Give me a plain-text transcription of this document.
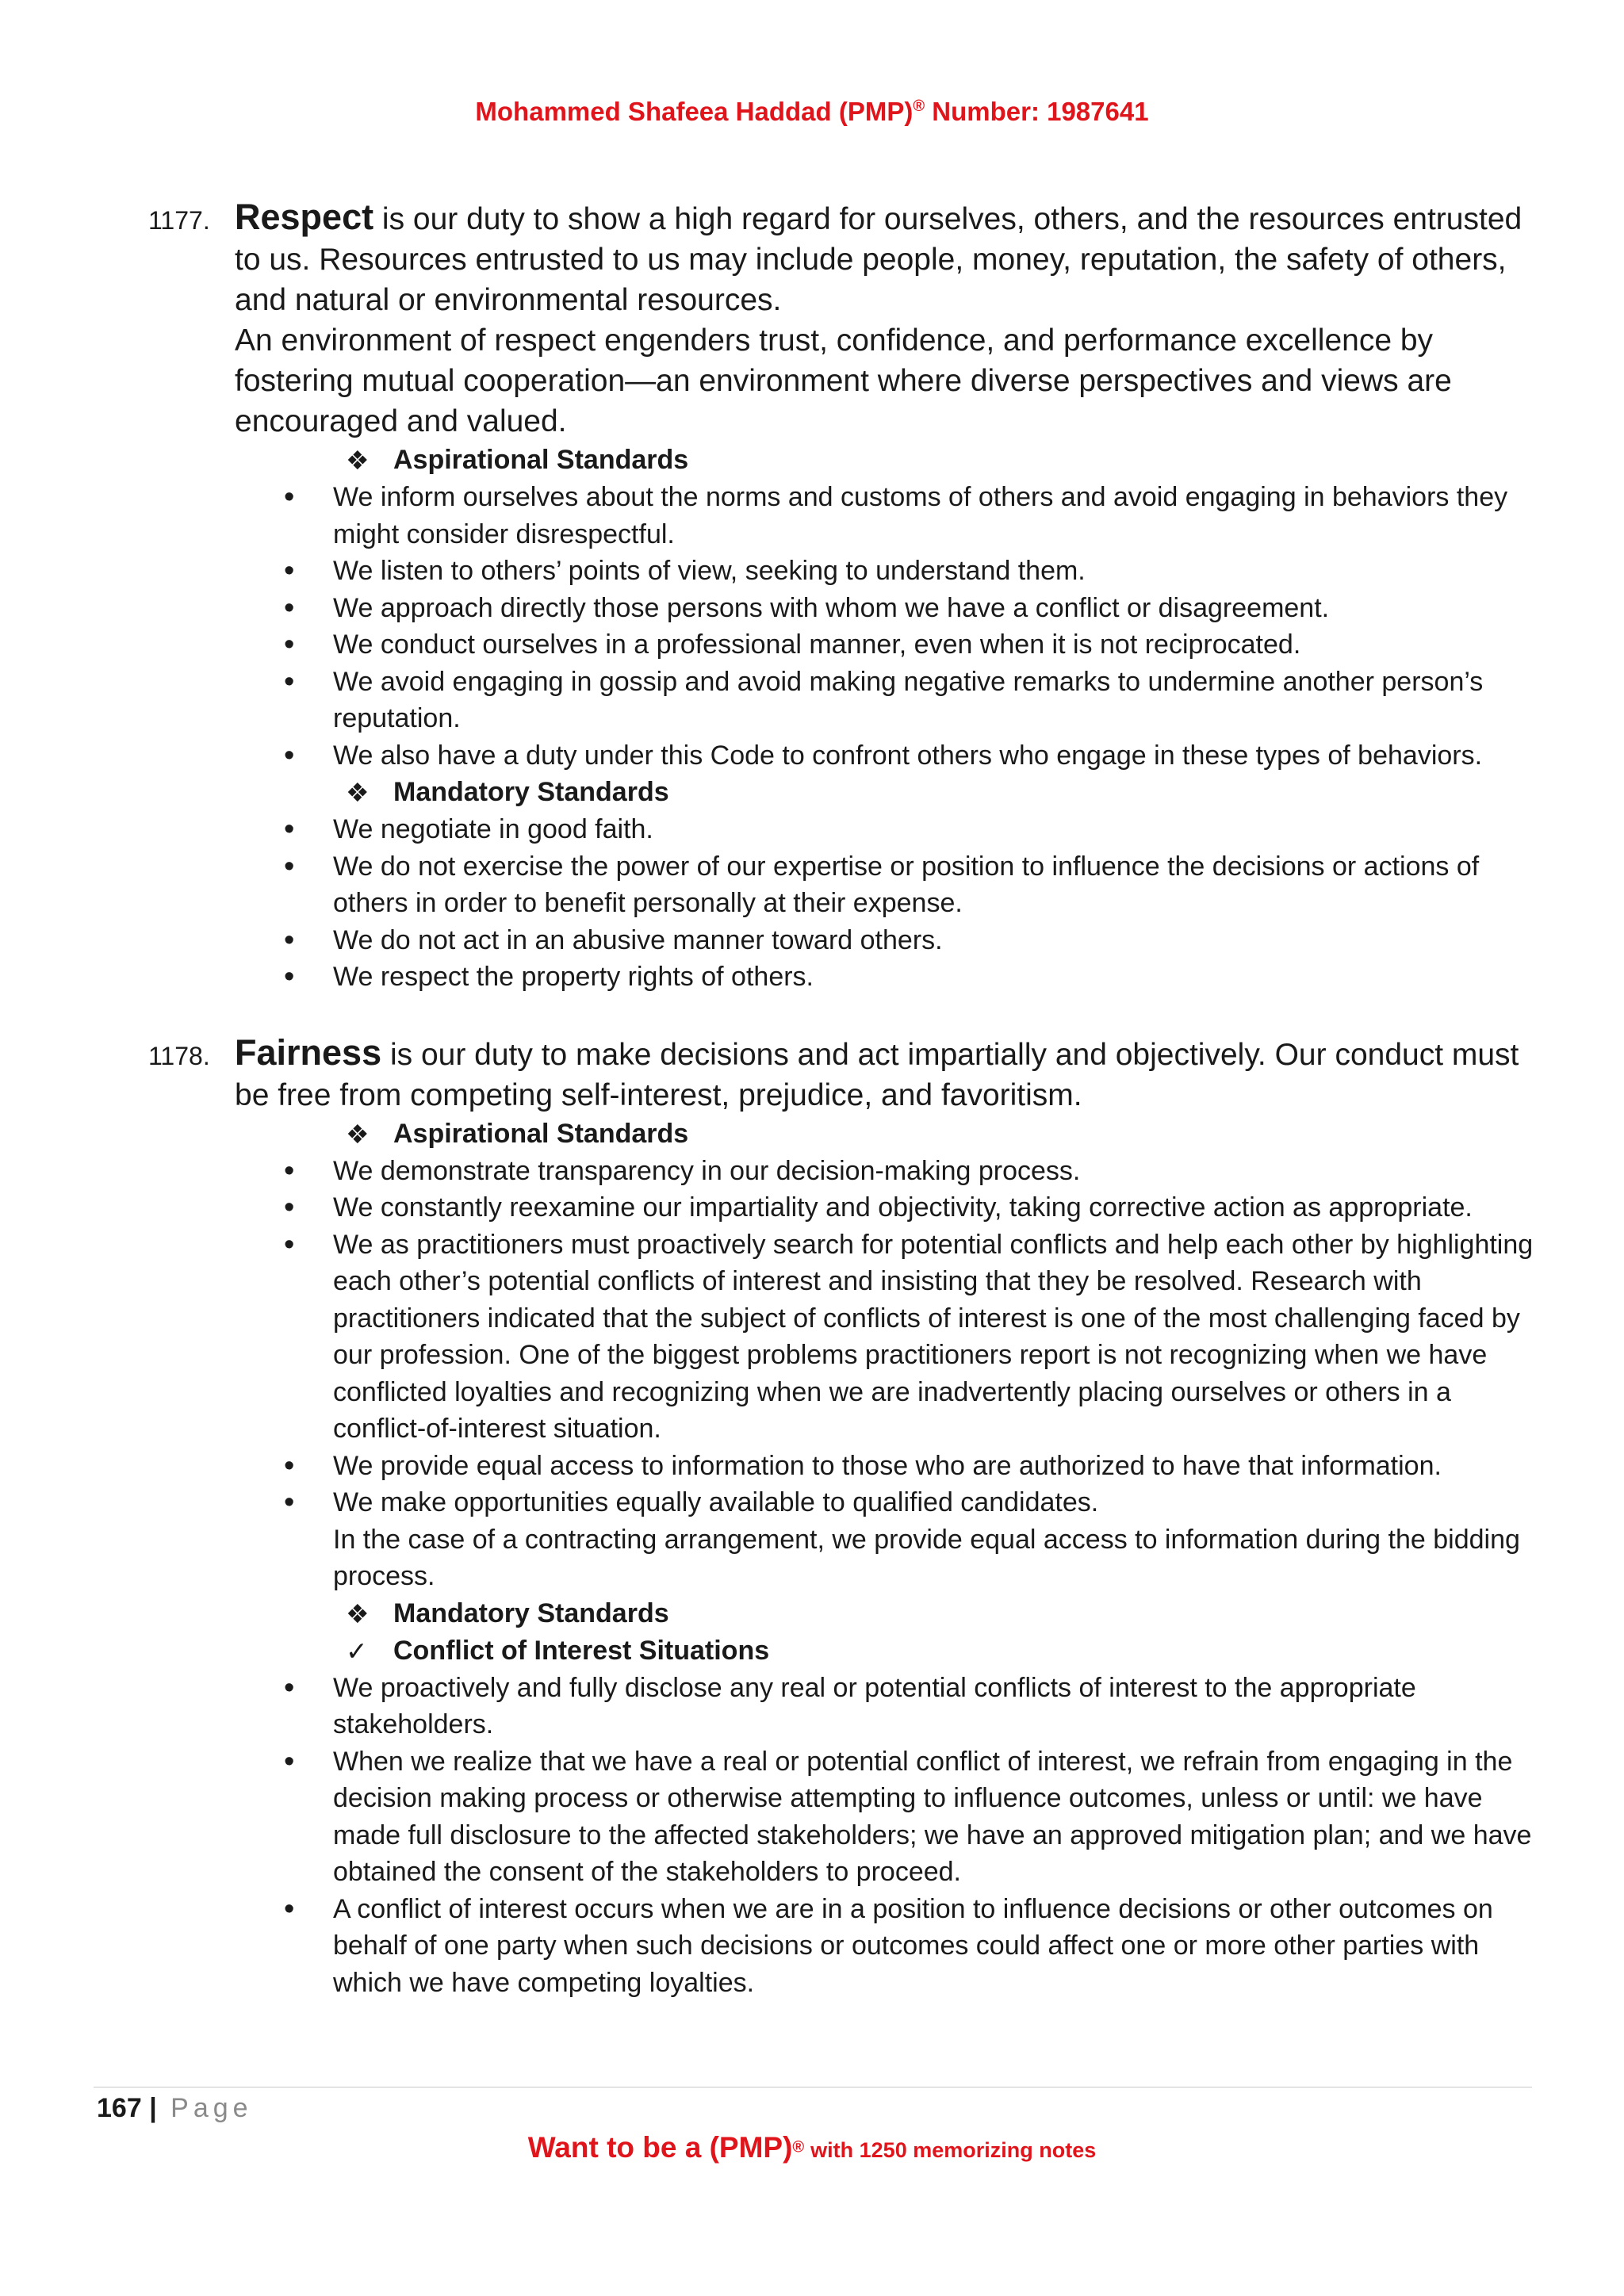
Mohammed Shafeea Haddad (PMP)® Number: 1987641
1177. Respect is our duty to show a high regard for ourselves, others, and the resources entrusted to us. Resources entrusted to us may include people, money, reputation, the safety of others, and natural or environmental resources.

An environment of respect engenders trust, confidence, and performance excellence by fostering mutual cooperation—an environment where diverse perspectives and views are encouraged and valued.

❖ Aspirational Standards
• We inform ourselves about the norms and customs of others and avoid engaging in behaviors they might consider disrespectful.
• We listen to others’ points of view, seeking to understand them.
• We approach directly those persons with whom we have a conflict or disagreement.
• We conduct ourselves in a professional manner, even when it is not reciprocated.
• We avoid engaging in gossip and avoid making negative remarks to undermine another person’s reputation.
• We also have a duty under this Code to confront others who engage in these types of behaviors.
❖ Mandatory Standards
• We negotiate in good faith.
• We do not exercise the power of our expertise or position to influence the decisions or actions of others in order to benefit personally at their expense.
• We do not act in an abusive manner toward others.
• We respect the property rights of others.
1178. Fairness is our duty to make decisions and act impartially and objectively. Our conduct must be free from competing self-interest, prejudice, and favoritism.

❖ Aspirational Standards
• We demonstrate transparency in our decision-making process.
• We constantly reexamine our impartiality and objectivity, taking corrective action as appropriate.
• We as practitioners must proactively search for potential conflicts and help each other by highlighting each other’s potential conflicts of interest and insisting that they be resolved. Research with practitioners indicated that the subject of conflicts of interest is one of the most challenging faced by our profession. One of the biggest problems practitioners report is not recognizing when we have conflicted loyalties and recognizing when we are inadvertently placing ourselves or others in a conflict-of-interest situation.
• We provide equal access to information to those who are authorized to have that information.
• We make opportunities equally available to qualified candidates.
In the case of a contracting arrangement, we provide equal access to information during the bidding process.
❖ Mandatory Standards
✓ Conflict of Interest Situations
• We proactively and fully disclose any real or potential conflicts of interest to the appropriate stakeholders.
• When we realize that we have a real or potential conflict of interest, we refrain from engaging in the decision making process or otherwise attempting to influence outcomes, unless or until: we have made full disclosure to the affected stakeholders; we have an approved mitigation plan; and we have obtained the consent of the stakeholders to proceed.
• A conflict of interest occurs when we are in a position to influence decisions or other outcomes on behalf of one party when such decisions or outcomes could affect one or more other parties with which we have competing loyalties.
167 | Page
Want to be a (PMP)® with 1250 memorizing notes
